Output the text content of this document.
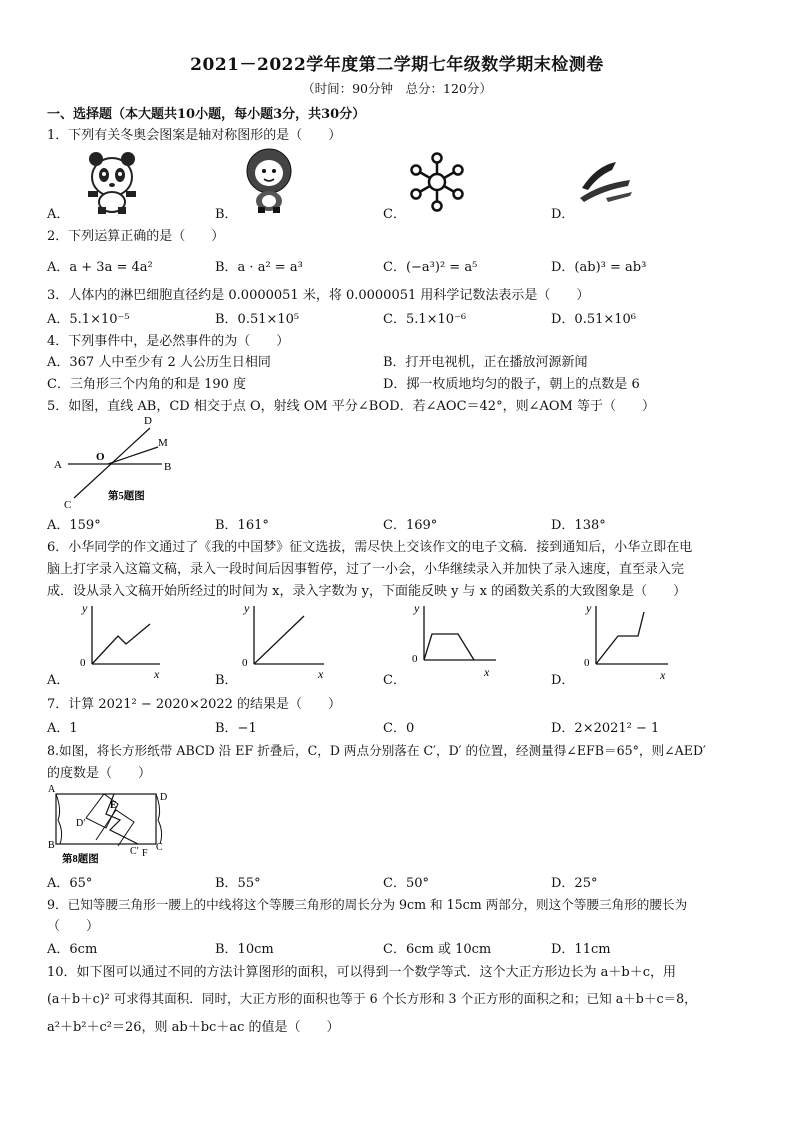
2021－2022学年度第二学期七年级数学期末检测卷
（时间：90分钟　总分：120分）
一、选择题（本大题共10小题，每小题3分，共30分）
1．下列有关冬奥会图案是轴对称图形的是（　　）
A．	B．	C．	D．
2．下列运算正确的是（　　）
A．a + 3a = 4a²	B．a · a² = a³	C．(−a³)² = a⁵	D．(ab)³ = ab³
3．人体内的淋巴细胞直径约是 0.0000051 米，将 0.0000051 用科学记数法表示是（　　）
A．5.1×10⁻⁵	B．0.51×10⁵	C．5.1×10⁻⁶	D．0.51×10⁶
4．下列事件中，是必然事件的为（　　）
A．367 人中至少有 2 人公历生日相同	B．打开电视机，正在播放河源新闻
C．三角形三个内角的和是 190 度	D．掷一枚质地均匀的骰子，朝上的点数是 6
5．如图，直线 AB，CD 相交于点 O，射线 OM 平分∠BOD．若∠AOC＝42°，则∠AOM 等于（　　）
A
O
B
C
D
M
第5题图
A．159°	B．161°	C．169°	D．138°
6．小华同学的作文通过了《我的中国梦》征文选拔，需尽快上交该作文的电子文稿．接到通知后，小华立即在电
脑上打字录入这篇文稿，录入一段时间后因事暂停，过了一小会，小华继续录入并加快了录入速度，直至录入完
成．设从录入文稿开始所经过的时间为 x，录入字数为 y，下面能反映 y 与 x 的函数关系的大致图象是（　　）
y
x
0
y
x
0
y
x
0
y
x
0
A．	B．	C．	D．
7．计算 2021² − 2020×2022 的结果是（　　）
A．1	B．−1	C．0	D．2×2021² − 1
8.如图，将长方形纸带 ABCD 沿 EF 折叠后，C，D 两点分别落在 C′，D′ 的位置，经测量得∠EFB＝65°，则∠AED′
的度数是（　　）
A
E
D
D′
B
C′ F
C
第8题图
A．65°	B．55°	C．50°	D．25°
9．已知等腰三角形一腰上的中线将这个等腰三角形的周长分为 9cm 和 15cm 两部分，则这个等腰三角形的腰长为
（　　）
A．6cm	B．10cm	C．6cm 或 10cm	D．11cm
10．如下图可以通过不同的方法计算图形的面积，可以得到一个数学等式．这个大正方形边长为 a＋b＋c，用
(a＋b＋c)² 可求得其面积．同时，大正方形的面积也等于 6 个长方形和 3 个正方形的面积之和；已知 a＋b＋c＝8，
a²＋b²＋c²＝26，则 ab＋bc＋ac 的值是（　　）
